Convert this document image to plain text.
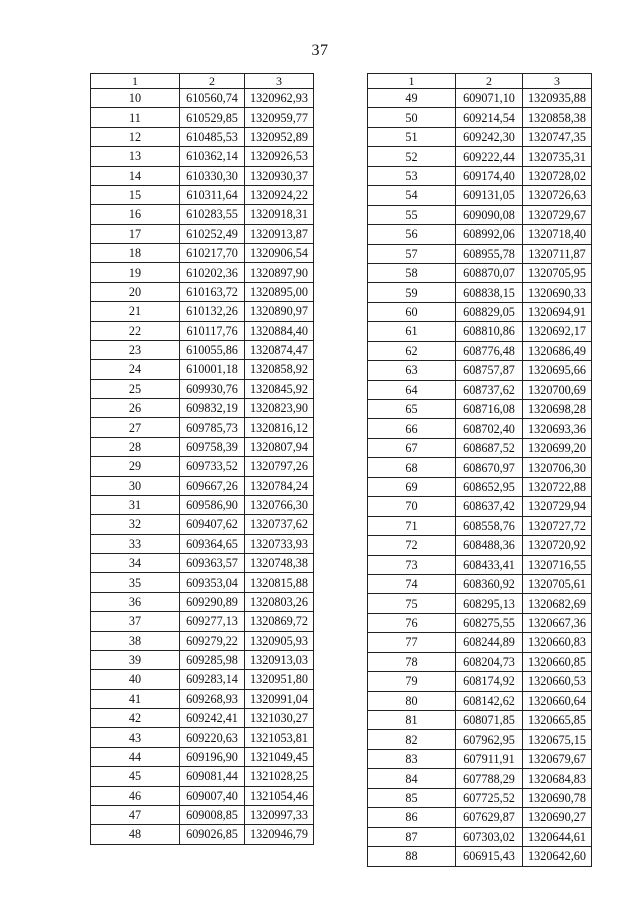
37
1	2	3
10	610560,74	1320962,93
11	610529,85	1320959,77
12	610485,53	1320952,89
13	610362,14	1320926,53
14	610330,30	1320930,37
15	610311,64	1320924,22
16	610283,55	1320918,31
17	610252,49	1320913,87
18	610217,70	1320906,54
19	610202,36	1320897,90
20	610163,72	1320895,00
21	610132,26	1320890,97
22	610117,76	1320884,40
23	610055,86	1320874,47
24	610001,18	1320858,92
25	609930,76	1320845,92
26	609832,19	1320823,90
27	609785,73	1320816,12
28	609758,39	1320807,94
29	609733,52	1320797,26
30	609667,26	1320784,24
31	609586,90	1320766,30
32	609407,62	1320737,62
33	609364,65	1320733,93
34	609363,57	1320748,38
35	609353,04	1320815,88
36	609290,89	1320803,26
37	609277,13	1320869,72
38	609279,22	1320905,93
39	609285,98	1320913,03
40	609283,14	1320951,80
41	609268,93	1320991,04
42	609242,41	1321030,27
43	609220,63	1321053,81
44	609196,90	1321049,45
45	609081,44	1321028,25
46	609007,40	1321054,46
47	609008,85	1320997,33
48	609026,85	1320946,79
1	2	3
49	609071,10	1320935,88
50	609214,54	1320858,38
51	609242,30	1320747,35
52	609222,44	1320735,31
53	609174,40	1320728,02
54	609131,05	1320726,63
55	609090,08	1320729,67
56	608992,06	1320718,40
57	608955,78	1320711,87
58	608870,07	1320705,95
59	608838,15	1320690,33
60	608829,05	1320694,91
61	608810,86	1320692,17
62	608776,48	1320686,49
63	608757,87	1320695,66
64	608737,62	1320700,69
65	608716,08	1320698,28
66	608702,40	1320693,36
67	608687,52	1320699,20
68	608670,97	1320706,30
69	608652,95	1320722,88
70	608637,42	1320729,94
71	608558,76	1320727,72
72	608488,36	1320720,92
73	608433,41	1320716,55
74	608360,92	1320705,61
75	608295,13	1320682,69
76	608275,55	1320667,36
77	608244,89	1320660,83
78	608204,73	1320660,85
79	608174,92	1320660,53
80	608142,62	1320660,64
81	608071,85	1320665,85
82	607962,95	1320675,15
83	607911,91	1320679,67
84	607788,29	1320684,83
85	607725,52	1320690,78
86	607629,87	1320690,27
87	607303,02	1320644,61
88	606915,43	1320642,60
